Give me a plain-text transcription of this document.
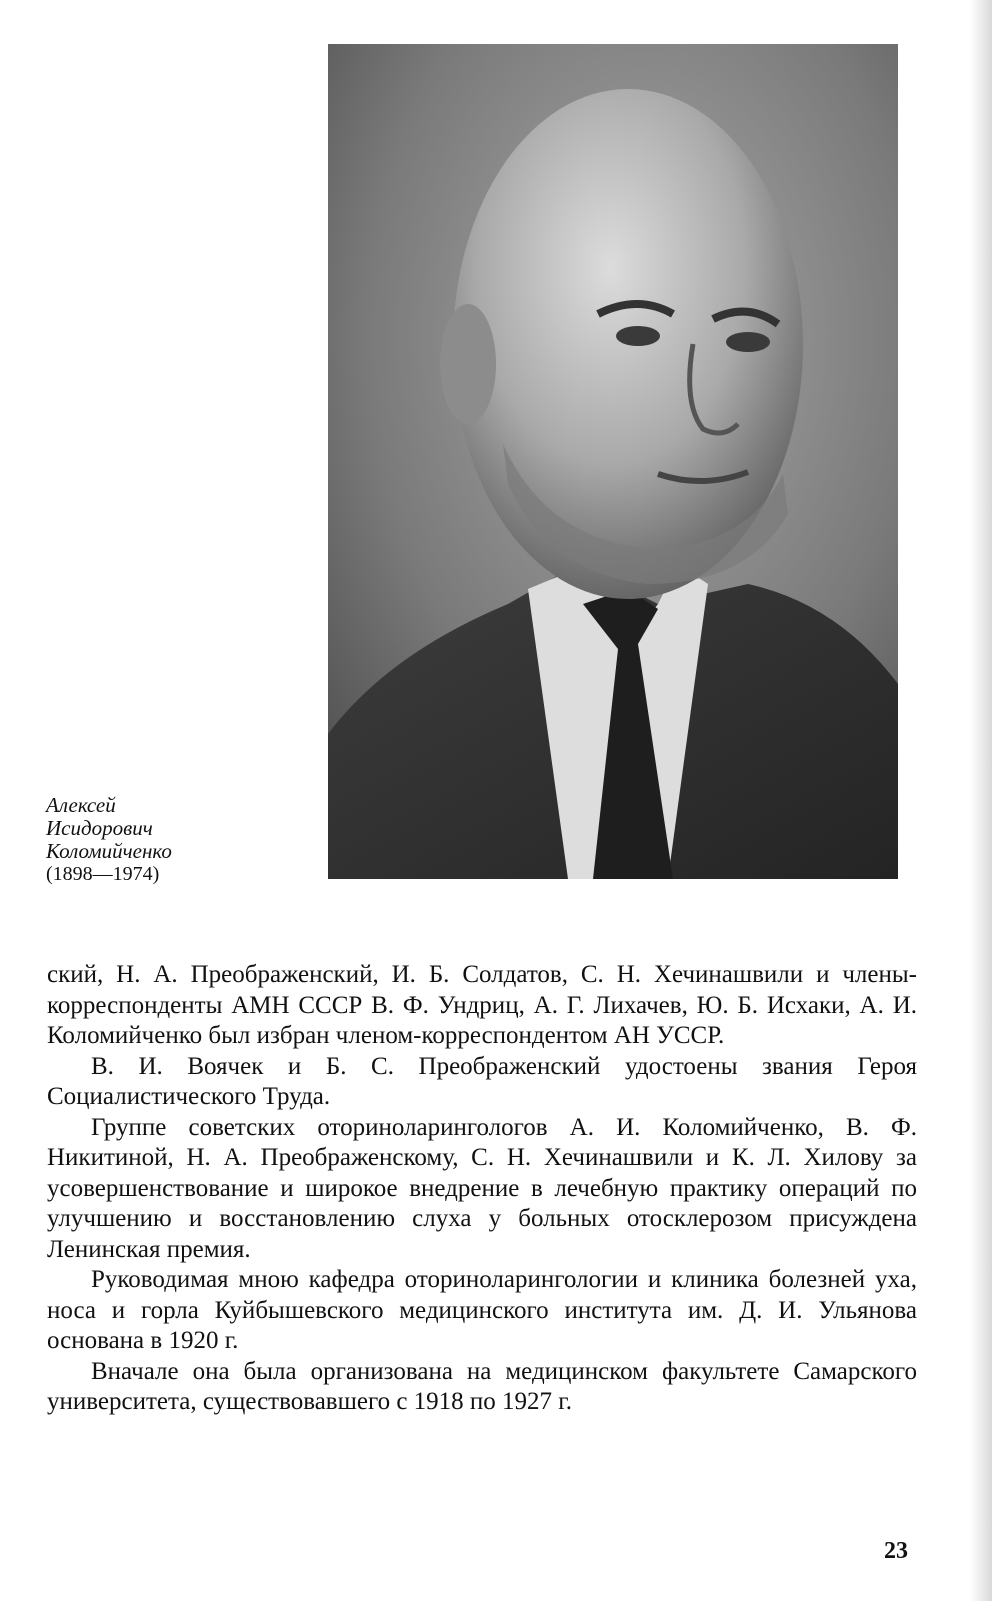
Алексей
Исидорович
Коломийченко
(1898—1974)

ский, Н. А. Преображенский, И. Б. Солдатов, С. Н. Хечинашвили и члены-корреспонденты АМН СССР В. Ф. Ундриц, А. Г. Лихачев, Ю. Б. Исхаки, А. И. Коломийченко был избран членом-корреспондентом АН УССР.

В. И. Воячек и Б. С. Преображенский удостоены звания Героя Социалистического Труда.

Группе советских оториноларингологов А. И. Коломийченко, В. Ф. Никитиной, Н. А. Преображенскому, С. Н. Хечинашвили и К. Л. Хилову за усовершенствование и широкое внедрение в лечебную практику операций по улучшению и восстановлению слуха у больных отосклерозом присуждена Ленинская премия.

Руководимая мною кафедра оториноларингологии и клиника болезней уха, носа и горла Куйбышевского медицинского института им. Д. И. Ульянова основана в 1920 г.

Вначале она была организована на медицинском факультете Самарского университета, существовавшего с 1918 по 1927 г.

23
